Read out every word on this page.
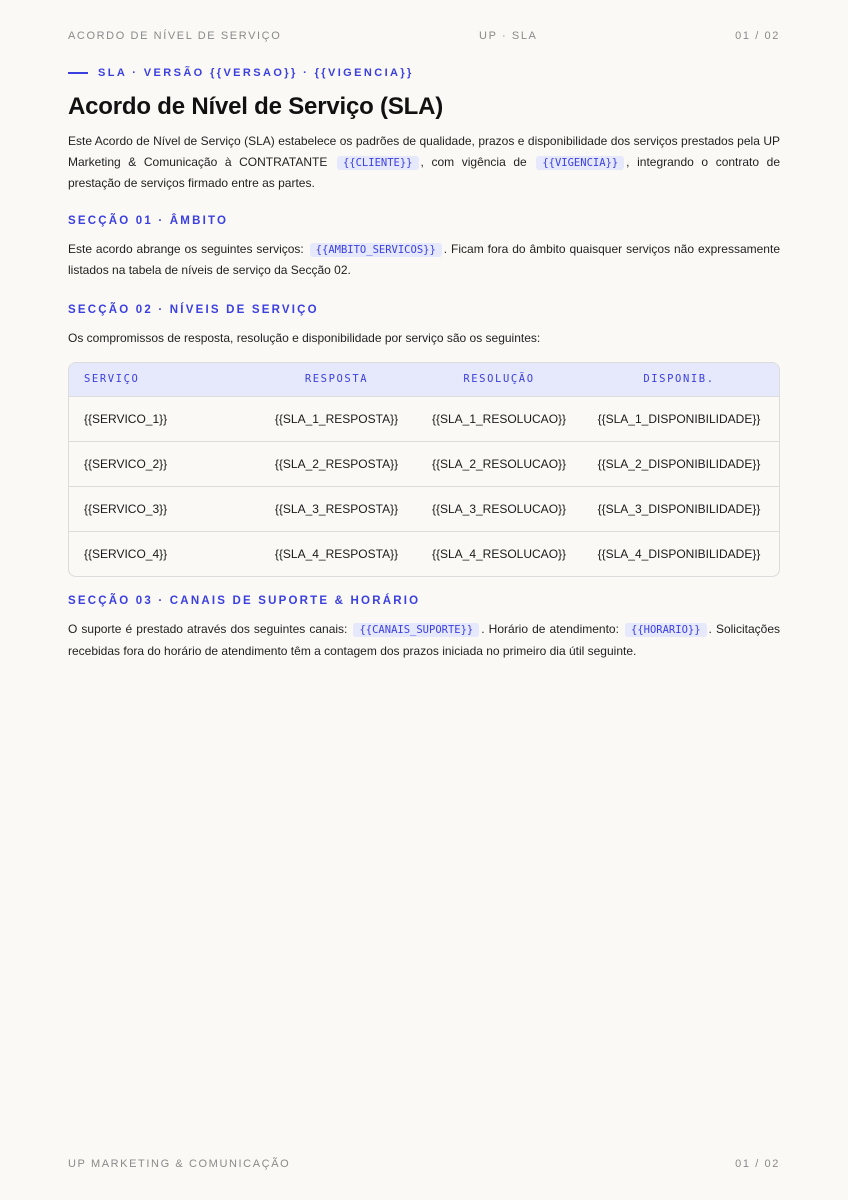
ACORDO DE NÍVEL DE SERVIÇO	UP · SLA	01 / 02
SLA · VERSÃO {{VERSAO}} · {{VIGENCIA}}
Acordo de Nível de Serviço (SLA)

Este Acordo de Nível de Serviço (SLA) estabelece os padrões de qualidade, prazos e disponibilidade dos serviços prestados pela UP Marketing & Comunicação à CONTRATANTE {{CLIENTE}} , com vigência de {{VIGENCIA}} , integrando o contrato de prestação de serviços firmado entre as partes.

SECÇÃO 01 · ÂMBITO

Este acordo abrange os seguintes serviços: {{AMBITO_SERVICOS}} . Ficam fora do âmbito quaisquer serviços não expressamente listados na tabela de níveis de serviço da Secção 02.

SECÇÃO 02 · NÍVEIS DE SERVIÇO

Os compromissos de resposta, resolução e disponibilidade por serviço são os seguintes:

SERVIÇO	RESPOSTA	RESOLUÇÃO	DISPONIB.
{{SERVICO_1}}	{{SLA_1_RESPOSTA}}	{{SLA_1_RESOLUCAO}}	{{SLA_1_DISPONIBILIDADE}}
{{SERVICO_2}}	{{SLA_2_RESPOSTA}}	{{SLA_2_RESOLUCAO}}	{{SLA_2_DISPONIBILIDADE}}
{{SERVICO_3}}	{{SLA_3_RESPOSTA}}	{{SLA_3_RESOLUCAO}}	{{SLA_3_DISPONIBILIDADE}}
{{SERVICO_4}}	{{SLA_4_RESPOSTA}}	{{SLA_4_RESOLUCAO}}	{{SLA_4_DISPONIBILIDADE}}
SECÇÃO 03 · CANAIS DE SUPORTE & HORÁRIO

O suporte é prestado através dos seguintes canais: {{CANAIS_SUPORTE}} . Horário de atendimento: {{HORARIO}} . Solicitações recebidas fora do horário de atendimento têm a contagem dos prazos iniciada no primeiro dia útil seguinte.

UP MARKETING & COMUNICAÇÃO	01 / 02
